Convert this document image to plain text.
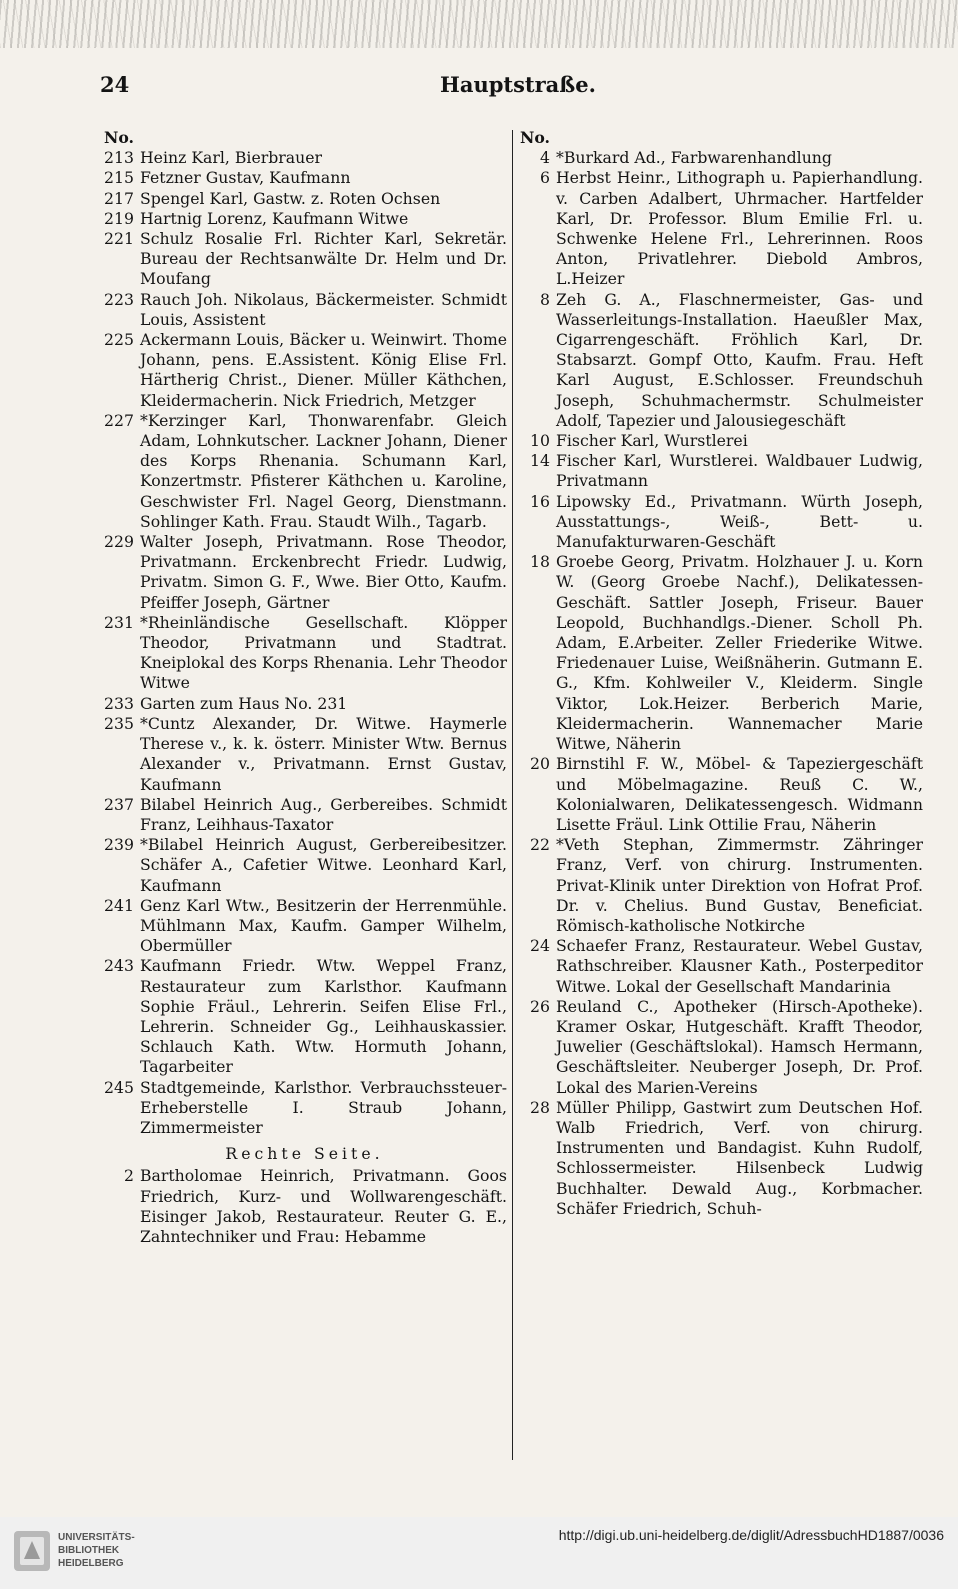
24	Hauptstraße.
No.
213 Heinz Karl, Bierbrauer
215 Fetzner Gustav, Kaufmann
217 Spengel Karl, Gastw. z. Roten Ochsen
219 Hartnig Lorenz, Kaufmann Witwe
221 Schulz Rosalie Frl. Richter Karl, Sekretär. Bureau der Rechtsanwälte Dr. Helm und Dr. Moufang
223 Rauch Joh. Nikolaus, Bäckermeister. Schmidt Louis, Assistent
225 Ackermann Louis, Bäcker u. Weinwirt. Thome Johann, pens. E.Assistent. König Elise Frl. Härtherig Christ., Diener. Müller Käthchen, Kleidermacherin. Nick Friedrich, Metzger
227 *Kerzinger Karl, Thonwarenfabr. Gleich Adam, Lohnkutscher. Lackner Johann, Diener des Korps Rhenania. Schumann Karl, Konzertmstr. Pfisterer Käthchen u. Karoline, Geschwister Frl. Nagel Georg, Dienstmann. Sohlinger Kath. Frau. Staudt Wilh., Tagarb.
229 Walter Joseph, Privatmann. Rose Theodor, Privatmann. Erckenbrecht Friedr. Ludwig, Privatm. Simon G. F., Wwe. Bier Otto, Kaufm. Pfeiffer Joseph, Gärtner
231 *Rheinländische Gesellschaft. Klöpper Theodor, Privatmann und Stadtrat. Kneiplokal des Korps Rhenania. Lehr Theodor Witwe
233 Garten zum Haus No. 231
235 *Cuntz Alexander, Dr. Witwe. Haymerle Therese v., k. k. österr. Minister Wtw. Bernus Alexander v., Privatmann. Ernst Gustav, Kaufmann
237 Bilabel Heinrich Aug., Gerbereibes. Schmidt Franz, Leihhaus-Taxator
239 *Bilabel Heinrich August, Gerbereibesitzer. Schäfer A., Cafetier Witwe. Leonhard Karl, Kaufmann
241 Genz Karl Wtw., Besitzerin der Herrenmühle. Mühlmann Max, Kaufm. Gamper Wilhelm, Obermüller
243 Kaufmann Friedr. Wtw. Weppel Franz, Restaurateur zum Karlsthor. Kaufmann Sophie Fräul., Lehrerin. Seifen Elise Frl., Lehrerin. Schneider Gg., Leihhauskassier. Schlauch Kath. Wtw. Hormuth Johann, Tagarbeiter
245 Stadtgemeinde, Karlsthor. Verbrauchssteuer-Erheberstelle I. Straub Johann, Zimmermeister
Rechte Seite.
2 Bartholomae Heinrich, Privatmann. Goos Friedrich, Kurz- und Wollwarengeschäft. Eisinger Jakob, Restaurateur. Reuter G. E., Zahntechniker und Frau: Hebamme
No.
4 *Burkard Ad., Farbwarenhandlung
6 Herbst Heinr., Lithograph u. Papierhandlung. v. Carben Adalbert, Uhrmacher. Hartfelder Karl, Dr. Professor. Blum Emilie Frl. u. Schwenke Helene Frl., Lehrerinnen. Roos Anton, Privatlehrer. Diebold Ambros, L.Heizer
8 Zeh G. A., Flaschnermeister, Gas- und Wasserleitungs-Installation. Haeußler Max, Cigarrengeschäft. Fröhlich Karl, Dr. Stabsarzt. Gompf Otto, Kaufm. Frau. Heft Karl August, E.Schlosser. Freundschuh Joseph, Schuhmachermstr. Schulmeister Adolf, Tapezier und Jalousiegeschäft
10 Fischer Karl, Wurstlerei
14 Fischer Karl, Wurstlerei. Waldbauer Ludwig, Privatmann
16 Lipowsky Ed., Privatmann. Würth Joseph, Ausstattungs-, Weiß-, Bett- u. Manufakturwaren-Geschäft
18 Groebe Georg, Privatm. Holzhauer J. u. Korn W. (Georg Groebe Nachf.), Delikatessen-Geschäft. Sattler Joseph, Friseur. Bauer Leopold, Buchhandlgs.-Diener. Scholl Ph. Adam, E.Arbeiter. Zeller Friederike Witwe. Friedenauer Luise, Weißnäherin. Gutmann E. G., Kfm. Kohlweiler V., Kleiderm. Single Viktor, Lok.Heizer. Berberich Marie, Kleidermacherin. Wannemacher Marie Witwe, Näherin
20 Birnstihl F. W., Möbel- & Tapeziergeschäft und Möbelmagazine. Reuß C. W., Kolonialwaren, Delikatessengesch. Widmann Lisette Fräul. Link Ottilie Frau, Näherin
22 *Veth Stephan, Zimmermstr. Zähringer Franz, Verf. von chirurg. Instrumenten. Privat-Klinik unter Direktion von Hofrat Prof. Dr. v. Chelius. Bund Gustav, Beneficiat. Römisch-katholische Notkirche
24 Schaefer Franz, Restaurateur. Webel Gustav, Rathschreiber. Klausner Kath., Posterpeditor Witwe. Lokal der Gesellschaft Mandarinia
26 Reuland C., Apotheker (Hirsch-Apotheke). Kramer Oskar, Hutgeschäft. Krafft Theodor, Juwelier (Geschäftslokal). Hamsch Hermann, Geschäftsleiter. Neuberger Joseph, Dr. Prof. Lokal des Marien-Vereins
28 Müller Philipp, Gastwirt zum Deutschen Hof. Walb Friedrich, Verf. von chirurg. Instrumenten und Bandagist. Kuhn Rudolf, Schlossermeister. Hilsenbeck Ludwig Buchhalter. Dewald Aug., Korbmacher. Schäfer Friedrich, Schuh-
UNIVERSITÄTS-
BIBLIOTHEK
HEIDELBERG
http://digi.ub.uni-heidelberg.de/diglit/AdressbuchHD1887/0036
